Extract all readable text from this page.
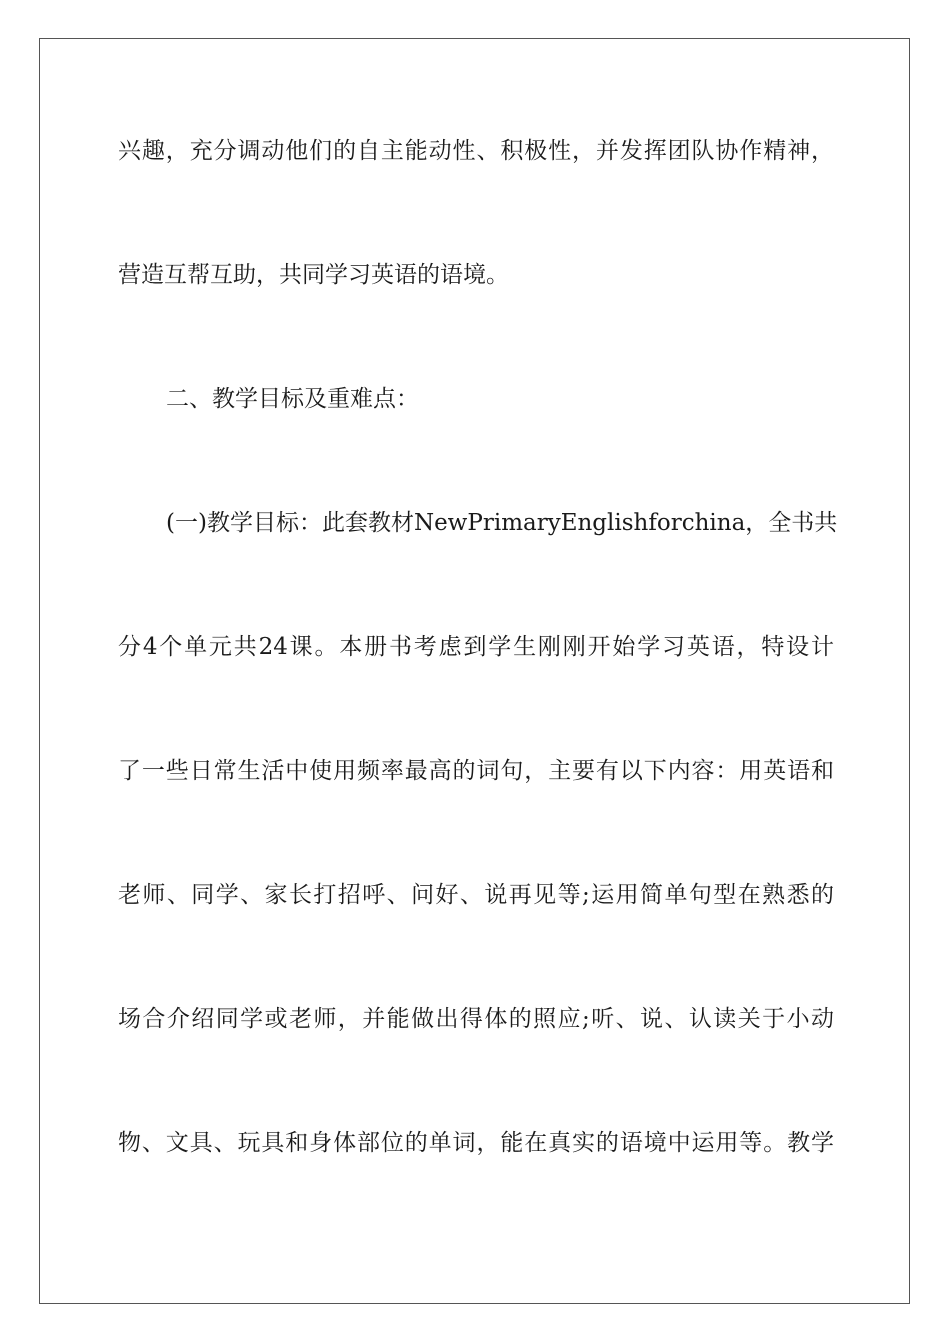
兴趣，充分调动他们的自主能动性、积极性，并发挥团队协作精神，
营造互帮互助，共同学习英语的语境。
二、教学目标及重难点：
(一)教学目标：此套教材NewPrimaryEnglishforchina，全书共
分4个单元共24课。本册书考虑到学生刚刚开始学习英语，特设计
了一些日常生活中使用频率最高的词句，主要有以下内容：用英语和
老师、同学、家长打招呼、问好、说再见等;运用简单句型在熟悉的
场合介绍同学或老师，并能做出得体的照应;听、说、认读关于小动
物、文具、玩具和身体部位的单词，能在真实的语境中运用等。教学
